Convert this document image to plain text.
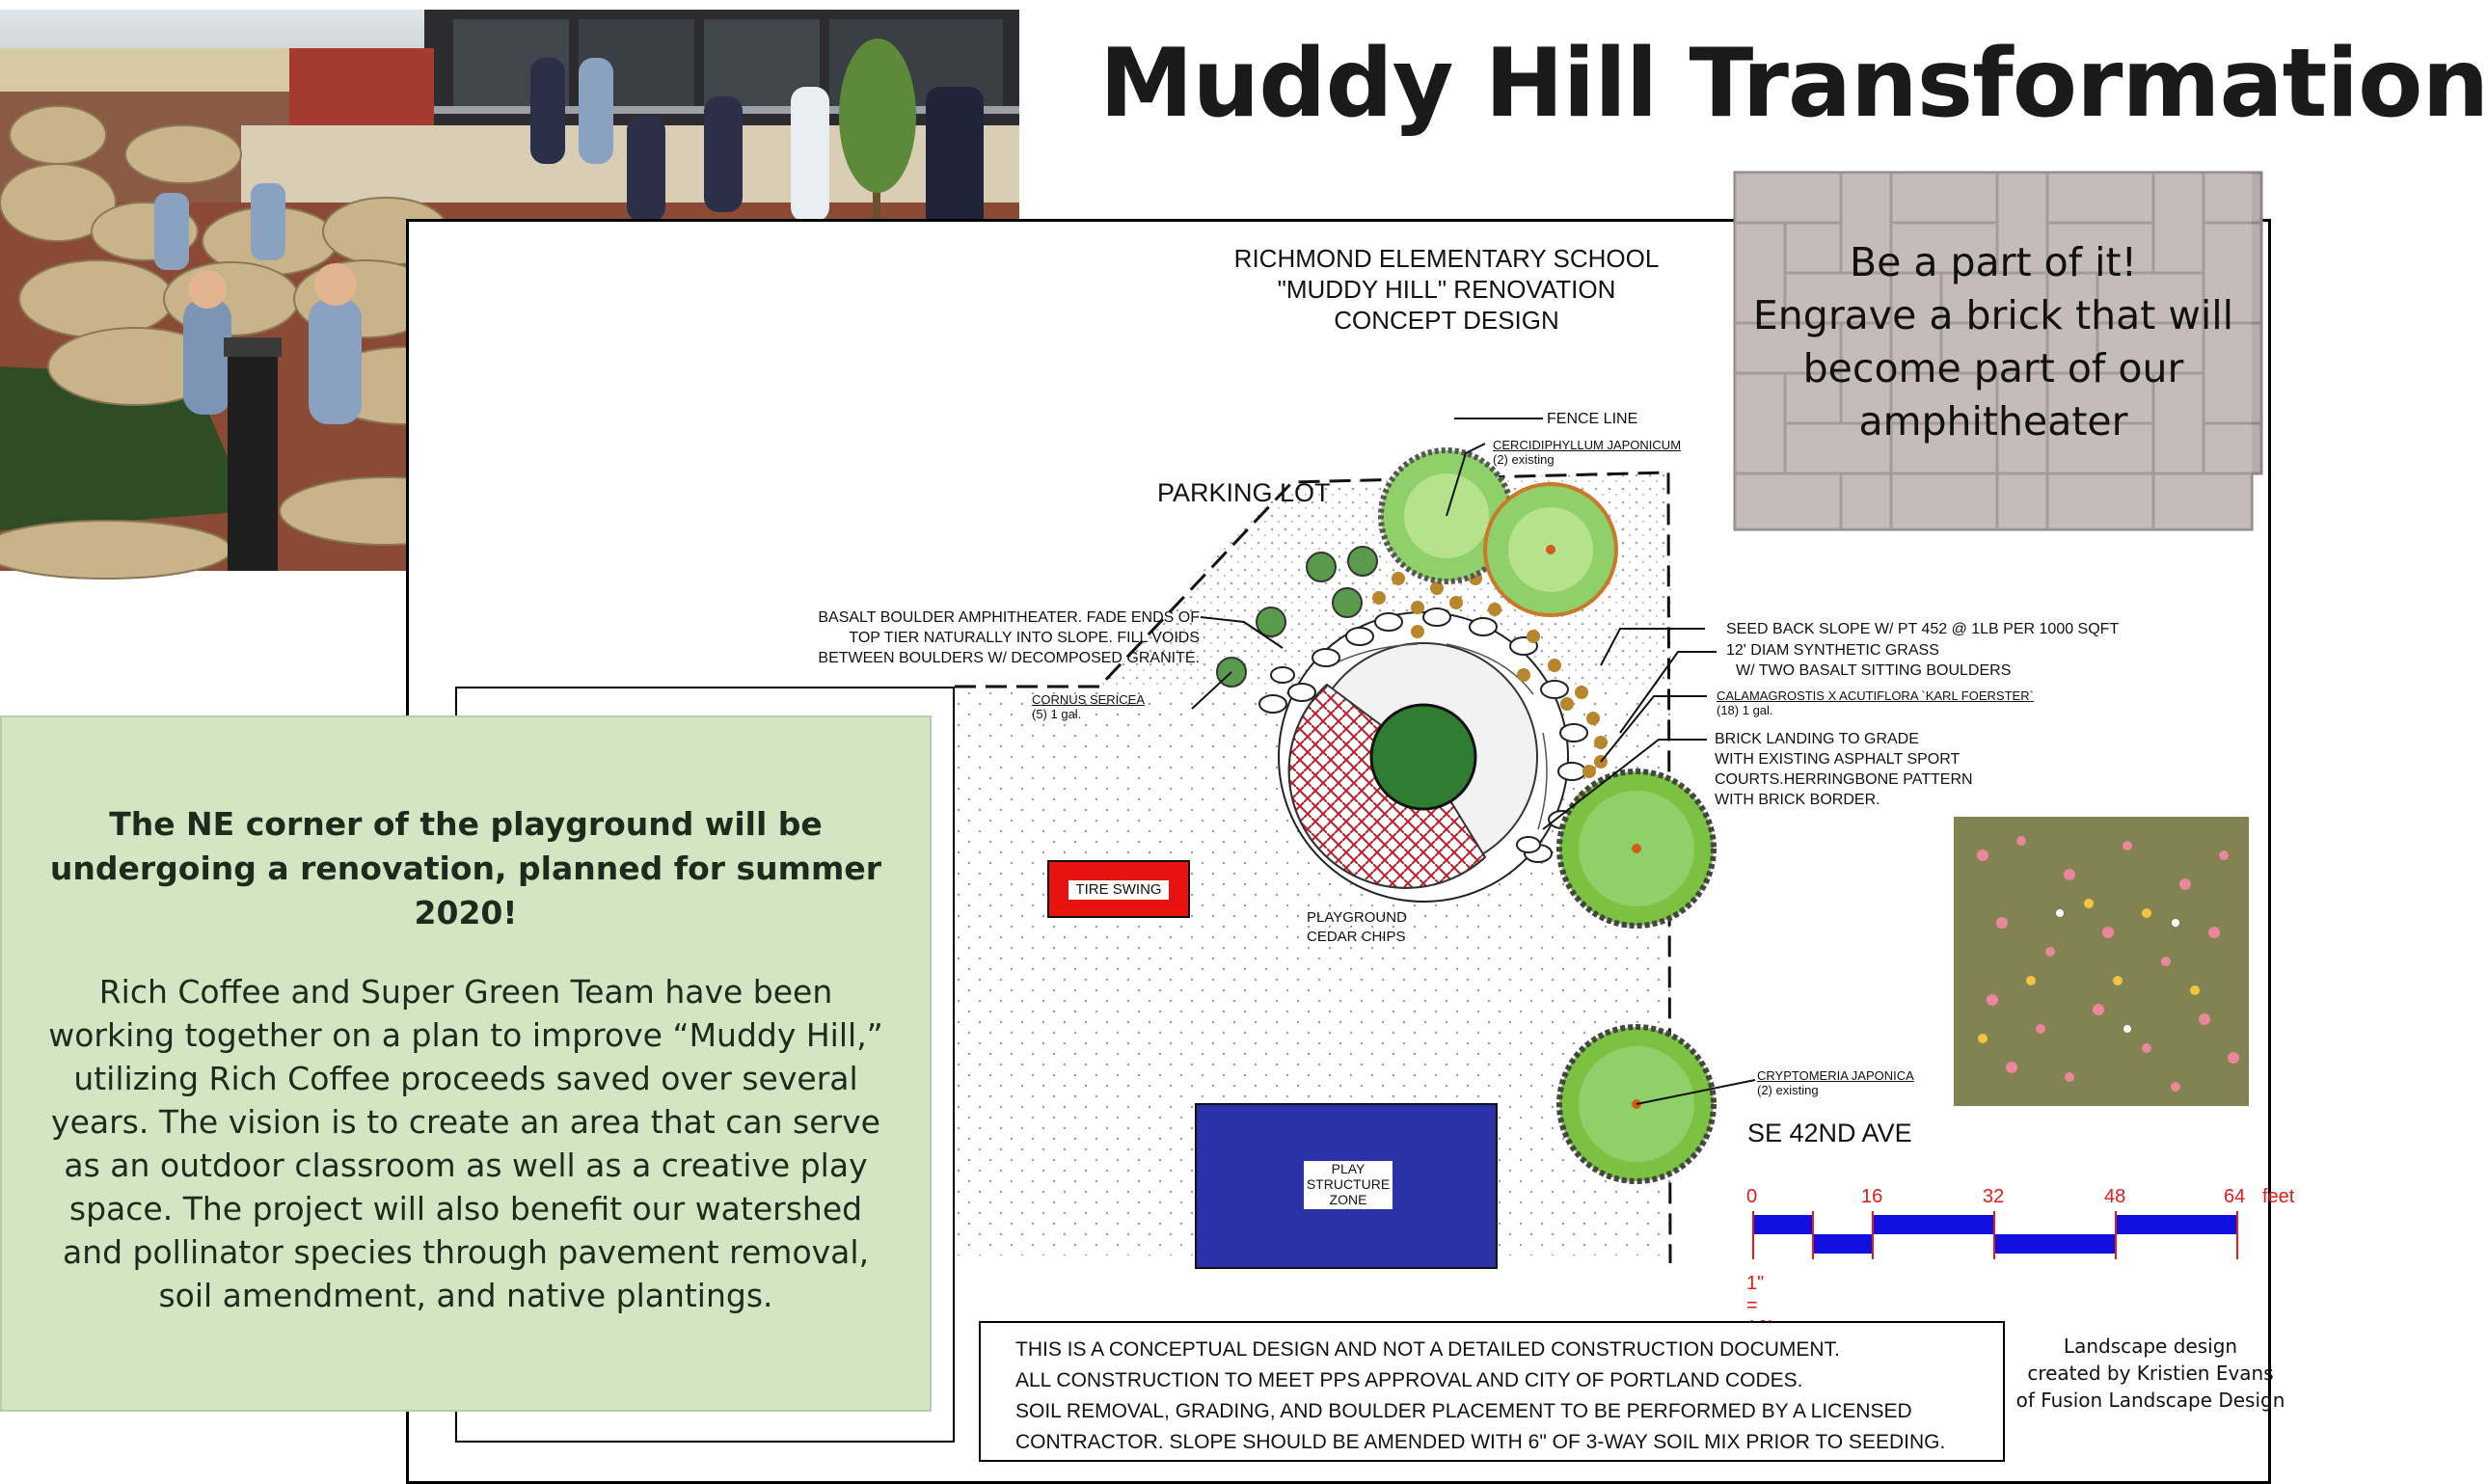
Muddy Hill Transformation
RICHMOND ELEMENTARY SCHOOL
"MUDDY HILL" RENOVATION
CONCEPT DESIGN
PARKING LOT
SE 42ND AVE
FENCE LINE
CERCIDIPHYLLUM JAPONICUM
(2) existing
BASALT BOULDER AMPHITHEATER. FADE ENDS OF
TOP TIER NATURALLY INTO SLOPE. FILL VOIDS
BETWEEN BOULDERS W/ DECOMPOSED GRANITE.
CORNUS SERICEA
(5) 1 gal.
SEED BACK SLOPE W/ PT 452 @ 1LB PER 1000 SQFT
12' DIAM SYNTHETIC GRASS
W/ TWO BASALT SITTING BOULDERS
CALAMAGROSTIS X ACUTIFLORA `KARL FOERSTER`
(18) 1 gal.
BRICK LANDING TO GRADE
WITH EXISTING ASPHALT SPORT
COURTS.HERRINGBONE PATTERN
WITH BRICK BORDER.
TIRE SWING
PLAYGROUND
CEDAR CHIPS
PLAY
STRUCTURE
ZONE
CRYPTOMERIA JAPONICA
(2) existing
0	16	32	48	64 feet
1" =
The NE corner of the playground will be undergoing a renovation, planned for summer 2020!
Rich Coffee and Super Green Team have been working together on a plan to improve “Muddy Hill,” utilizing Rich Coffee proceeds saved over several years. The vision is to create an area that can serve as an outdoor classroom as well as a creative play space. The project will also benefit our watershed and pollinator species through pavement removal, soil amendment, and native plantings.
Be a part of it!
Engrave a brick that will
become part of our
amphitheater
THIS IS A CONCEPTUAL DESIGN AND NOT A DETAILED CONSTRUCTION DOCUMENT.
ALL CONSTRUCTION TO MEET PPS APPROVAL AND CITY OF PORTLAND CODES.
SOIL REMOVAL, GRADING, AND BOULDER PLACEMENT TO BE PERFORMED BY A LICENSED
CONTRACTOR. SLOPE SHOULD BE AMENDED WITH 6" OF 3-WAY SOIL MIX PRIOR TO SEEDING.
Landscape design
created by Kristien Evans
of Fusion Landscape Design
